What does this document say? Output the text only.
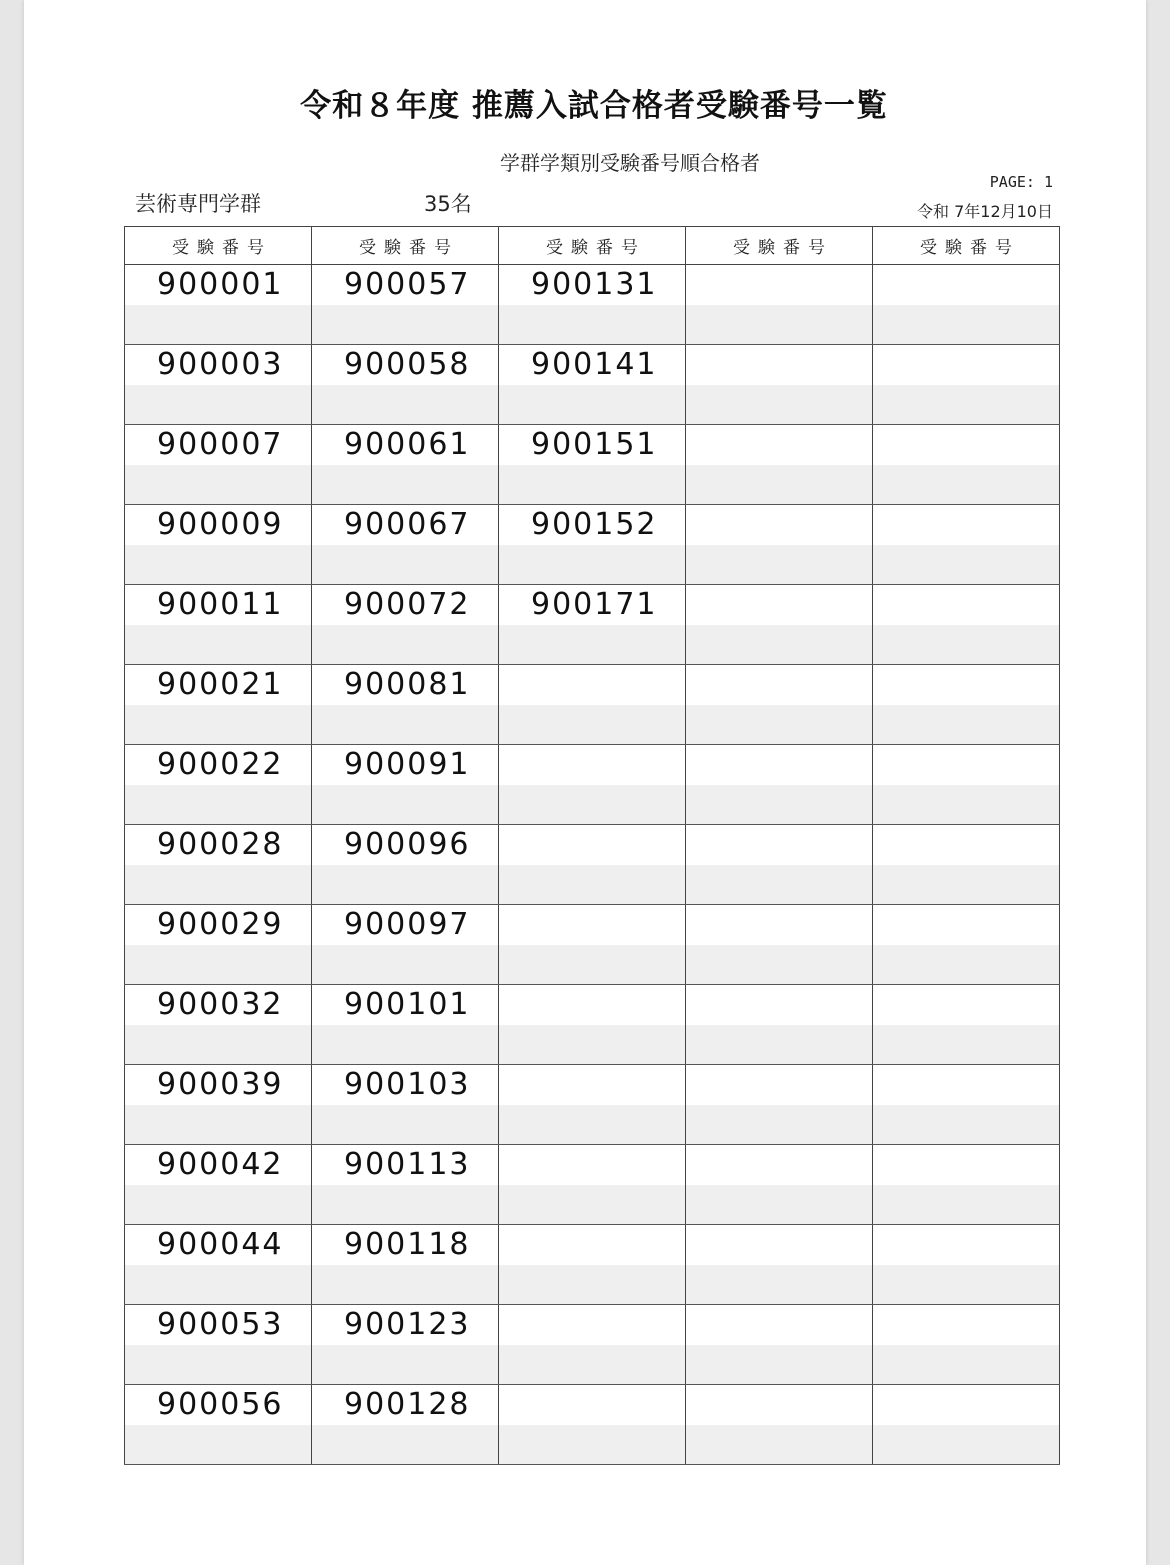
令和８年度 推薦入試合格者受験番号一覧
学群学類別受験番号順合格者
芸術専門学群	35名
PAGE: 1
令和 7年12月10日
受験番号	受験番号	受験番号	受験番号	受験番号
900001	900057	900131		

900003	900058	900141		

900007	900061	900151		

900009	900067	900152		

900011	900072	900171		

900021	900081			

900022	900091			

900028	900096			

900029	900097			

900032	900101			

900039	900103			

900042	900113			

900044	900118			

900053	900123			

900056	900128			
